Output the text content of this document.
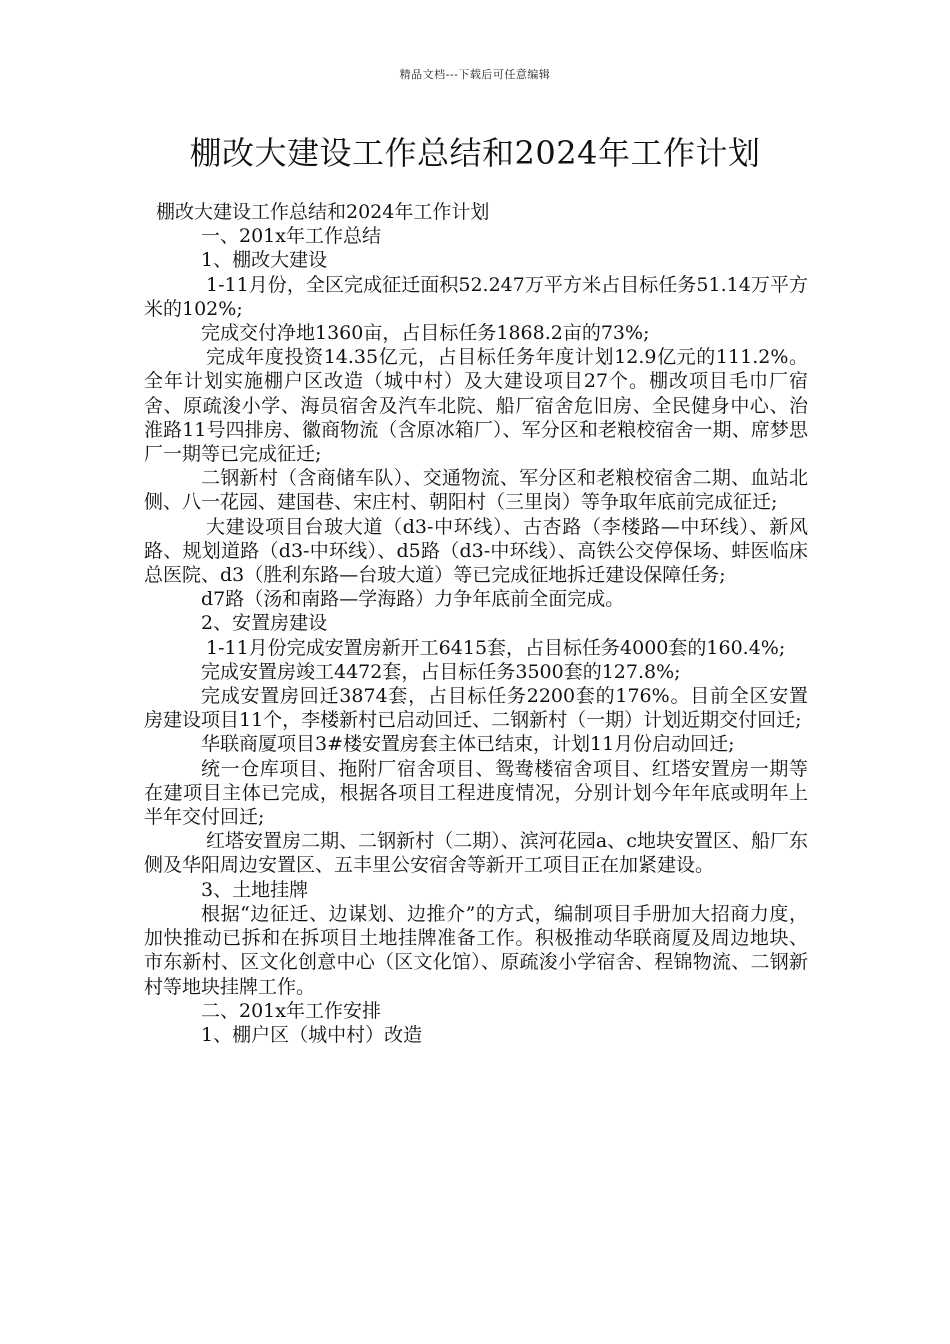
精品文档---下载后可任意编辑
棚改大建设工作总结和2024年工作计划

棚改大建设工作总结和2024年工作计划

一、201x年工作总结

1、棚改大建设

1-11月份，全区完成征迁面积52.247万平方米占目标任务51.14万平方米的102%;

完成交付净地1360亩，占目标任务1868.2亩的73%;

完成年度投资14.35亿元，占目标任务年度计划12.9亿元的111.2%。全年计划实施棚户区改造（城中村）及大建设项目27个。棚改项目毛巾厂宿舍、原疏浚小学、海员宿舍及汽车北院、船厂宿舍危旧房、全民健身中心、治淮路11号四排房、徽商物流（含原冰箱厂）、军分区和老粮校宿舍一期、席梦思厂一期等已完成征迁;

二钢新村（含商储车队）、交通物流、军分区和老粮校宿舍二期、血站北侧、八一花园、建国巷、宋庄村、朝阳村（三里岗）等争取年底前完成征迁;

大建设项目台玻大道（d3-中环线）、古杏路（李楼路—中环线）、新风路、规划道路（d3-中环线）、d5路（d3-中环线）、高铁公交停保场、蚌医临床总医院、d3（胜利东路—台玻大道）等已完成征地拆迁建设保障任务;

d7路（汤和南路—学海路）力争年底前全面完成。

2、安置房建设

1-11月份完成安置房新开工6415套，占目标任务4000套的160.4%;

完成安置房竣工4472套，占目标任务3500套的127.8%;

完成安置房回迁3874套，占目标任务2200套的176%。目前全区安置房建设项目11个，李楼新村已启动回迁、二钢新村（一期）计划近期交付回迁;

华联商厦项目3#楼安置房套主体已结束，计划11月份启动回迁;

统一仓库项目、拖附厂宿舍项目、鸳鸯楼宿舍项目、红塔安置房一期等在建项目主体已完成，根据各项目工程进度情况，分别计划今年年底或明年上半年交付回迁;

红塔安置房二期、二钢新村（二期）、滨河花园a、c地块安置区、船厂东侧及华阳周边安置区、五丰里公安宿舍等新开工项目正在加紧建设。

3、土地挂牌

根据“边征迁、边谋划、边推介”的方式，编制项目手册加大招商力度，加快推动已拆和在拆项目土地挂牌准备工作。积极推动华联商厦及周边地块、市东新村、区文化创意中心（区文化馆）、原疏浚小学宿舍、程锦物流、二钢新村等地块挂牌工作。

二、201x年工作安排

1、棚户区（城中村）改造
